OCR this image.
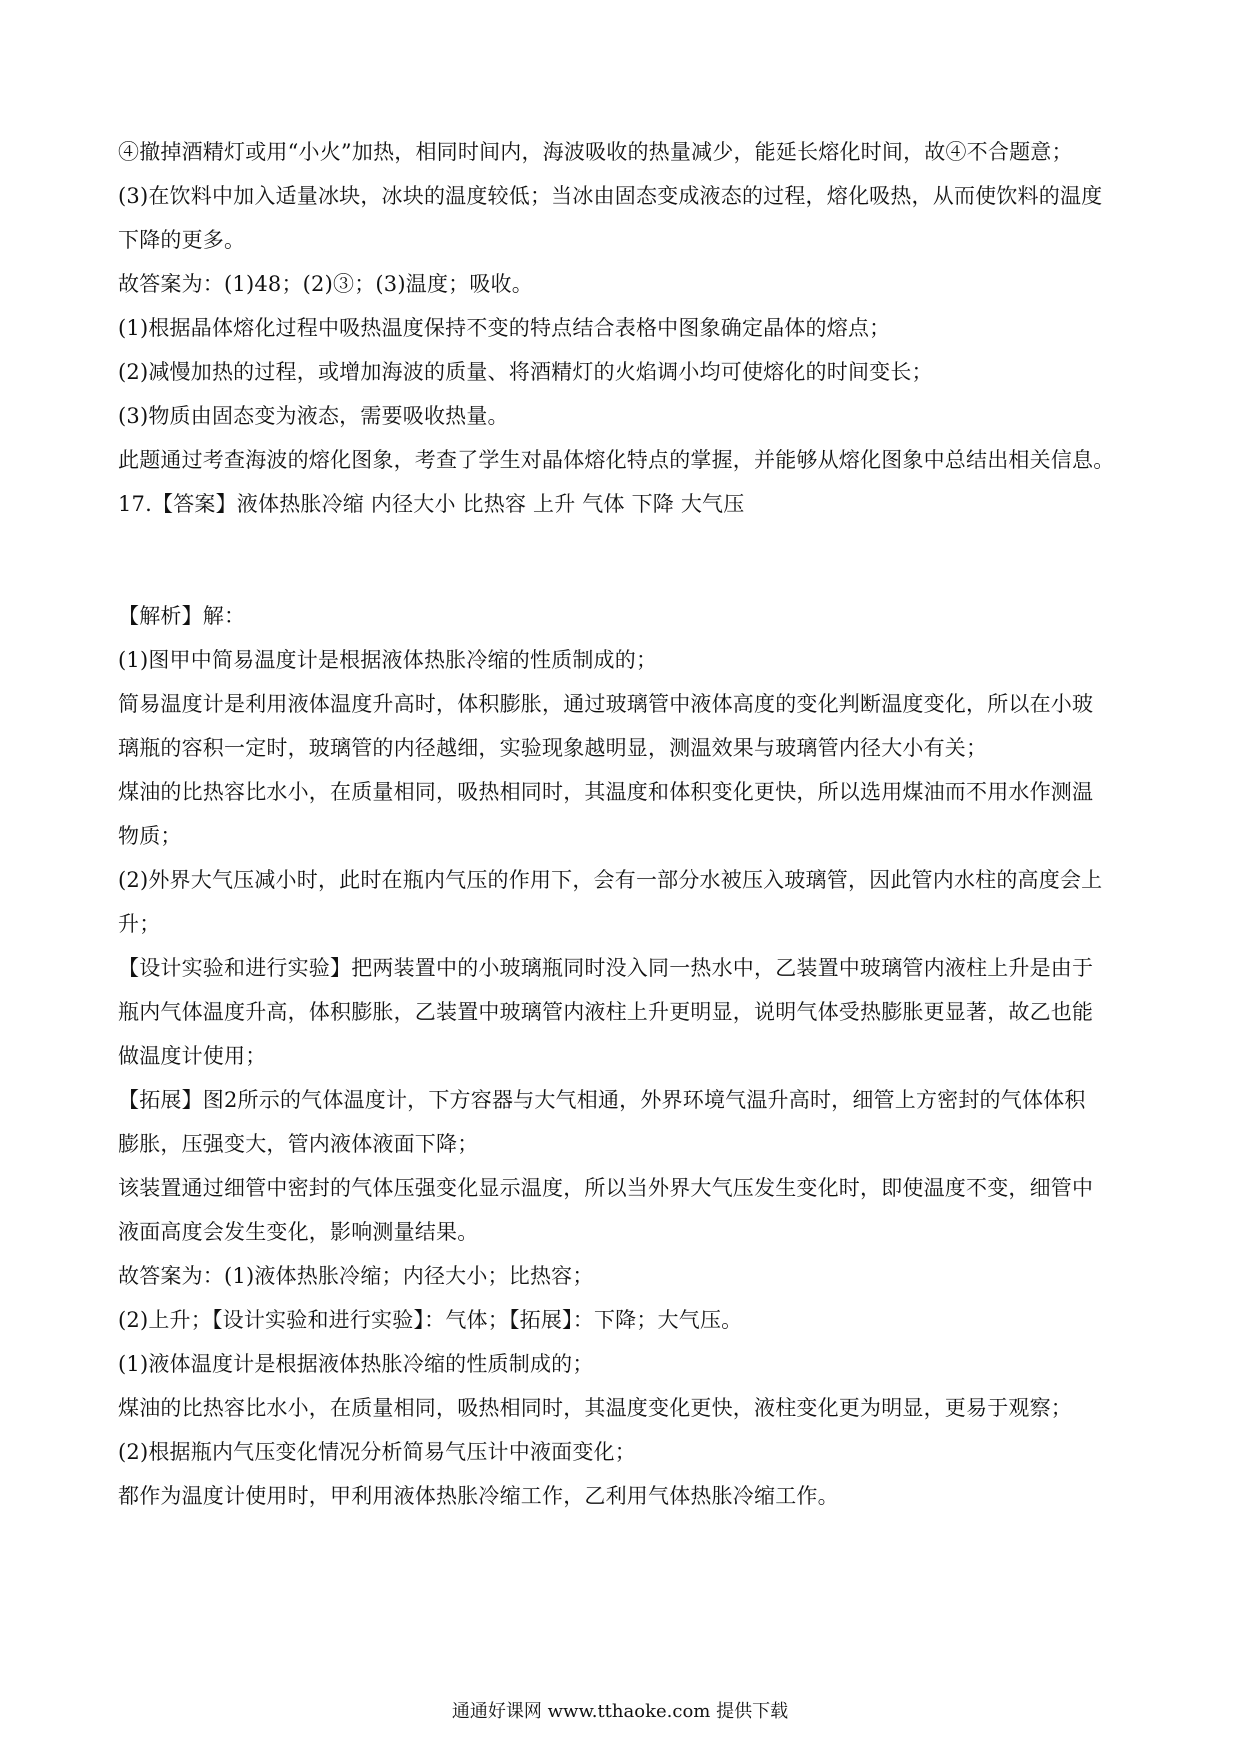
④撤掉酒精灯或用“小火”加热，相同时间内，海波吸收的热量减少，能延长熔化时间，故④不合题意；
(3)在饮料中加入适量冰块，冰块的温度较低；当冰由固态变成液态的过程，熔化吸热，从而使饮料的温度
下降的更多。
故答案为：(1)48；(2)③；(3)温度；吸收。
(1)根据晶体熔化过程中吸热温度保持不变的特点结合表格中图象确定晶体的熔点；
(2)减慢加热的过程，或增加海波的质量、将酒精灯的火焰调小均可使熔化的时间变长；
(3)物质由固态变为液态，需要吸收热量。
此题通过考查海波的熔化图象，考查了学生对晶体熔化特点的掌握，并能够从熔化图象中总结出相关信息。
17.【答案】液体热胀冷缩 内径大小 比热容 上升 气体 下降 大气压
【解析】解：
(1)图甲中简易温度计是根据液体热胀冷缩的性质制成的；
简易温度计是利用液体温度升高时，体积膨胀，通过玻璃管中液体高度的变化判断温度变化，所以在小玻
璃瓶的容积一定时，玻璃管的内径越细，实验现象越明显，测温效果与玻璃管内径大小有关；
煤油的比热容比水小，在质量相同，吸热相同时，其温度和体积变化更快，所以选用煤油而不用水作测温
物质；
(2)外界大气压减小时，此时在瓶内气压的作用下，会有一部分水被压入玻璃管，因此管内水柱的高度会上
升；
【设计实验和进行实验】把两装置中的小玻璃瓶同时没入同一热水中，乙装置中玻璃管内液柱上升是由于
瓶内气体温度升高，体积膨胀，乙装置中玻璃管内液柱上升更明显，说明气体受热膨胀更显著，故乙也能
做温度计使用；
【拓展】图2所示的气体温度计，下方容器与大气相通，外界环境气温升高时，细管上方密封的气体体积
膨胀，压强变大，管内液体液面下降；
该装置通过细管中密封的气体压强变化显示温度，所以当外界大气压发生变化时，即使温度不变，细管中
液面高度会发生变化，影响测量结果。
故答案为：(1)液体热胀冷缩；内径大小；比热容；
(2)上升；【设计实验和进行实验】：气体；【拓展】：下降；大气压。
(1)液体温度计是根据液体热胀冷缩的性质制成的；
煤油的比热容比水小，在质量相同，吸热相同时，其温度变化更快，液柱变化更为明显，更易于观察；
(2)根据瓶内气压变化情况分析简易气压计中液面变化；
都作为温度计使用时，甲利用液体热胀冷缩工作，乙利用气体热胀冷缩工作。
通通好课网 www.tthaoke.com 提供下载
